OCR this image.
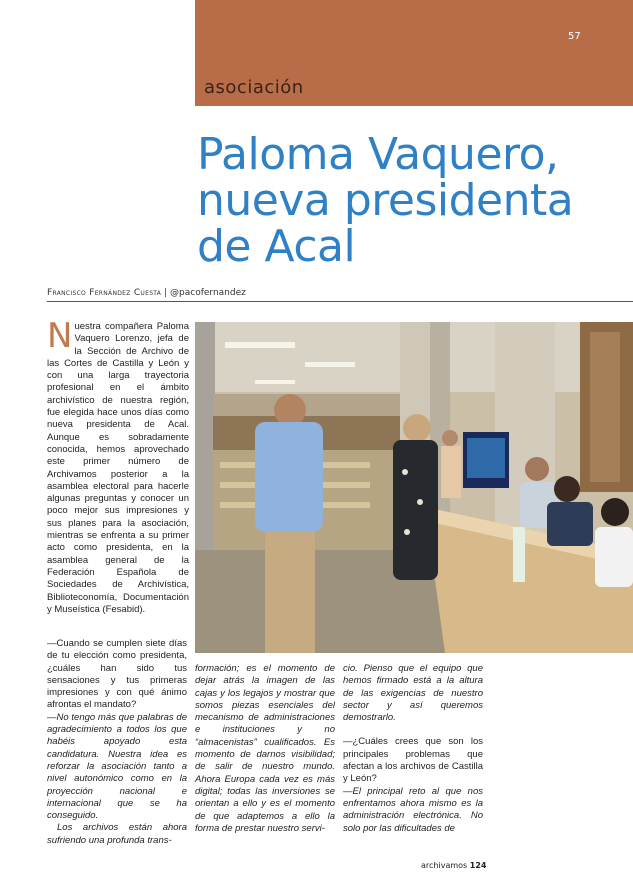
57
asociación
Paloma Vaquero, nueva presidenta de Acal
Francisco Fernández Cuesta | @pacofernandez

Nuestra compañera Paloma Vaquero Lorenzo, jefa de la Sección de Archivo de las Cortes de Castilla y León y con una larga trayectoria profesional en el ámbito archivístico de nuestra región, fue elegida hace unos días como nueva presidenta de Acal. Aunque es sobradamente conocida, hemos aprovechado este primer número de Archivamos posterior a la asamblea electoral para hacerle algunas preguntas y conocer un poco mejor sus impresiones y sus planes para la asociación, mientras se enfrenta a su primer acto como presidenta, en la asamblea general de la Federación Española de Sociedades de Archivística, Biblioteconomía, Documentación y Museística (Fesabid).

—Cuando se cumplen siete días de tu elección como presidenta, ¿cuáles han sido tus sensaciones y tus primeras impresiones y con qué ánimo afrontas el mandato?

—No tengo más que palabras de agradecimiento a todos los que habéis apoyado esta candidatura. Nuestra idea es reforzar la asociación tanto a nivel autonómico como en la proyección nacional e internacional que se ha conseguido.

Los archivos están ahora sufriendo una profunda trans-

formación; es el momento de dejar atrás la imagen de las cajas y los legajos y mostrar que somos piezas esenciales del mecanismo de administraciones e instituciones y no “almacenistas” cualificados. Es momento de darnos visibilidad; de salir de nuestro mundo. Ahora Europa cada vez es más digital; todas las inversiones se orientan a ello y es el momento de que adaptemos a ello la forma de prestar nuestro servi-

cio. Pienso que el equipo que hemos firmado está a la altura de las exigencias de nuestro sector y así queremos demostrarlo.

—¿Cuáles crees que son los principales problemas que afectan a los archivos de Castilla y León?

—El principal reto al que nos enfrentamos ahora mismo es la administración electrónica. No solo por las dificultades de

archivamos 124
